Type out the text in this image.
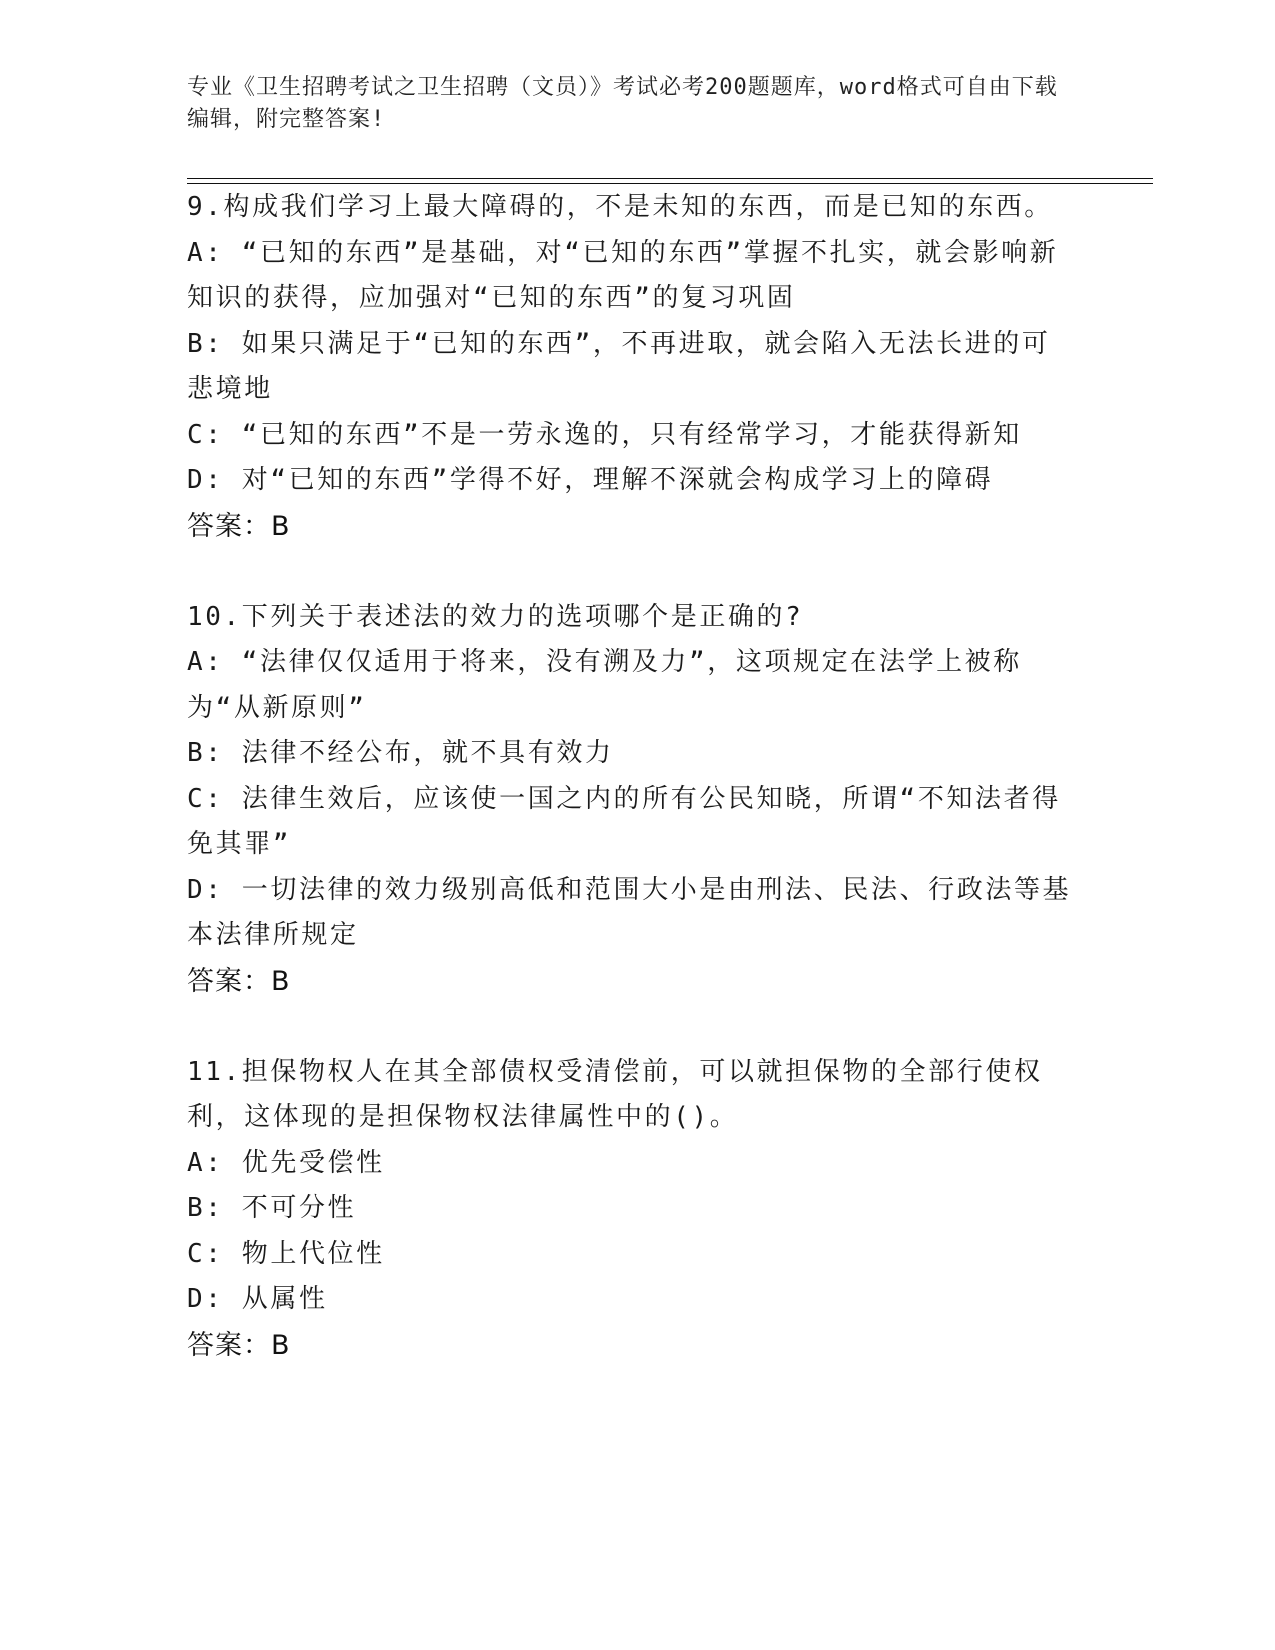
专业《卫生招聘考试之卫生招聘（文员）》考试必考200题题库，word格式可自由下载编辑，附完整答案!
9.构成我们学习上最大障碍的，不是未知的东西，而是已知的东西。
A: “已知的东西”是基础，对“已知的东西”掌握不扎实，就会影响新知识的获得，应加强对“已知的东西”的复习巩固
B: 如果只满足于“已知的东西”，不再进取，就会陷入无法长进的可悲境地
C: “已知的东西”不是一劳永逸的，只有经常学习，才能获得新知
D: 对“已知的东西”学得不好，理解不深就会构成学习上的障碍
答案：B
10.下列关于表述法的效力的选项哪个是正确的?
A: “法律仅仅适用于将来，没有溯及力”，这项规定在法学上被称为“从新原则”
B: 法律不经公布，就不具有效力
C: 法律生效后，应该使一国之内的所有公民知晓，所谓“不知法者得免其罪”
D: 一切法律的效力级别高低和范围大小是由刑法、民法、行政法等基本法律所规定
答案：B
11.担保物权人在其全部债权受清偿前，可以就担保物的全部行使权利，这体现的是担保物权法律属性中的()。
A: 优先受偿性
B: 不可分性
C: 物上代位性
D: 从属性
答案：B
